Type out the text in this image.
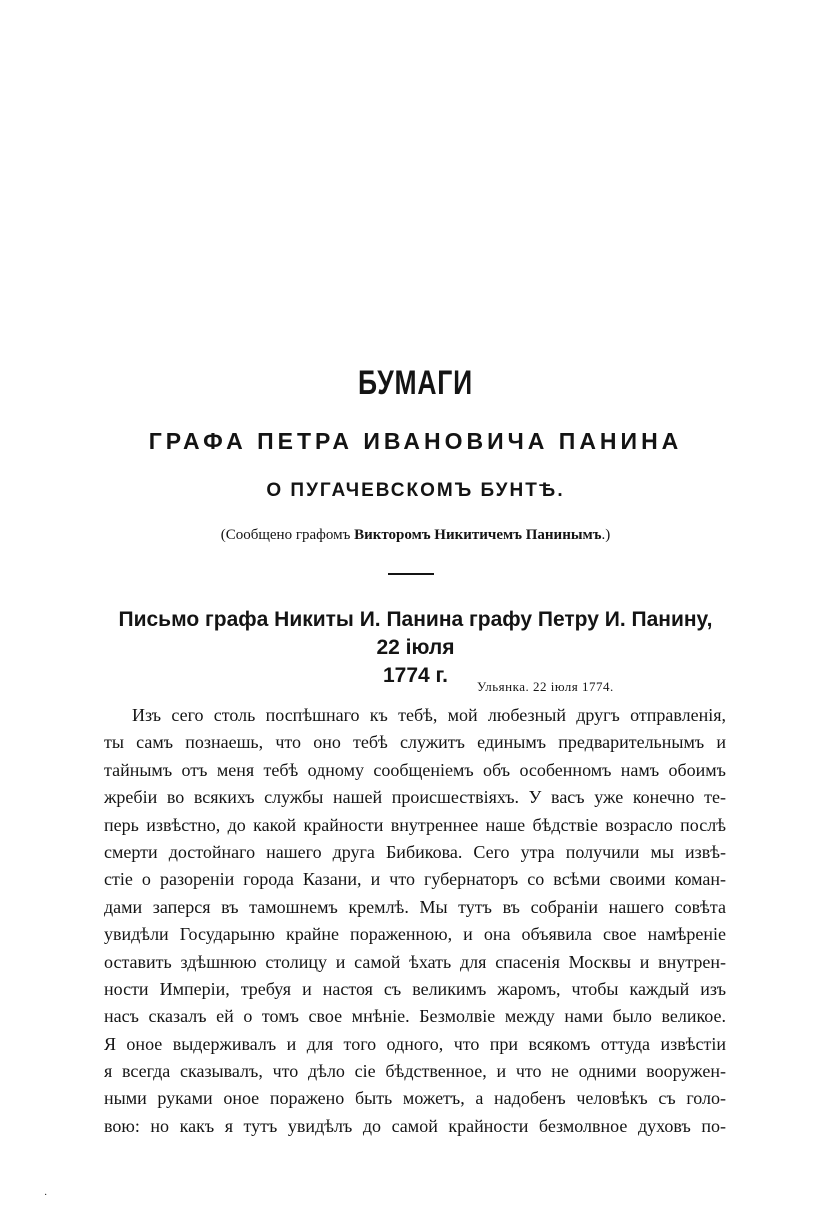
БУМАГИ
ГРАФА ПЕТРА ИВАНОВИЧА ПАНИНА
О ПУГАЧЕВСКОМЪ БУНТѢ.
(Сообщено графомъ Викторомъ Никитичемъ Панинымъ.)
Письмо графа Никиты И. Панина графу Петру И. Панину, 22 іюля
1774 г.	Ульянка. 22 іюля 1774.
Изъ сего столь поспѣшнаго къ тебѣ, мой любезный другъ отправленія,
ты самъ познаешь, что оно тебѣ служитъ единымъ предварительнымъ и
тайнымъ отъ меня тебѣ одному сообщеніемъ объ особенномъ намъ обоимъ
жребіи во всякихъ службы нашей происшествіяхъ. У васъ уже конечно те-
перь извѣстно, до какой крайности внутреннее наше бѣдствіе возрасло послѣ
смерти достойнаго нашего друга Бибикова. Сего утра получили мы извѣ-
стіе о разореніи города Казани, и что губернаторъ со всѣми своими коман-
дами заперся въ тамошнемъ кремлѣ. Мы тутъ въ собраніи нашего совѣта
увидѣли Государыню крайне пораженною, и она объявила свое намѣреніе
оставить здѣшнюю столицу и самой ѣхать для спасенія Москвы и внутрен-
ности Имперіи, требуя и настоя съ великимъ жаромъ, чтобы каждый изъ
насъ сказалъ ей о томъ свое мнѣніе. Безмолвіе между нами было великое.
Я оное выдерживалъ и для того одного, что при всякомъ оттуда извѣстіи
я всегда сказывалъ, что дѣло сіе бѣдственное, и что не одними вооружен-
ными руками оное поражено быть можетъ, а надобенъ человѣкъ съ голо-
вою: но какъ я тутъ увидѣлъ до самой крайности безмолвное духовъ по-
·
